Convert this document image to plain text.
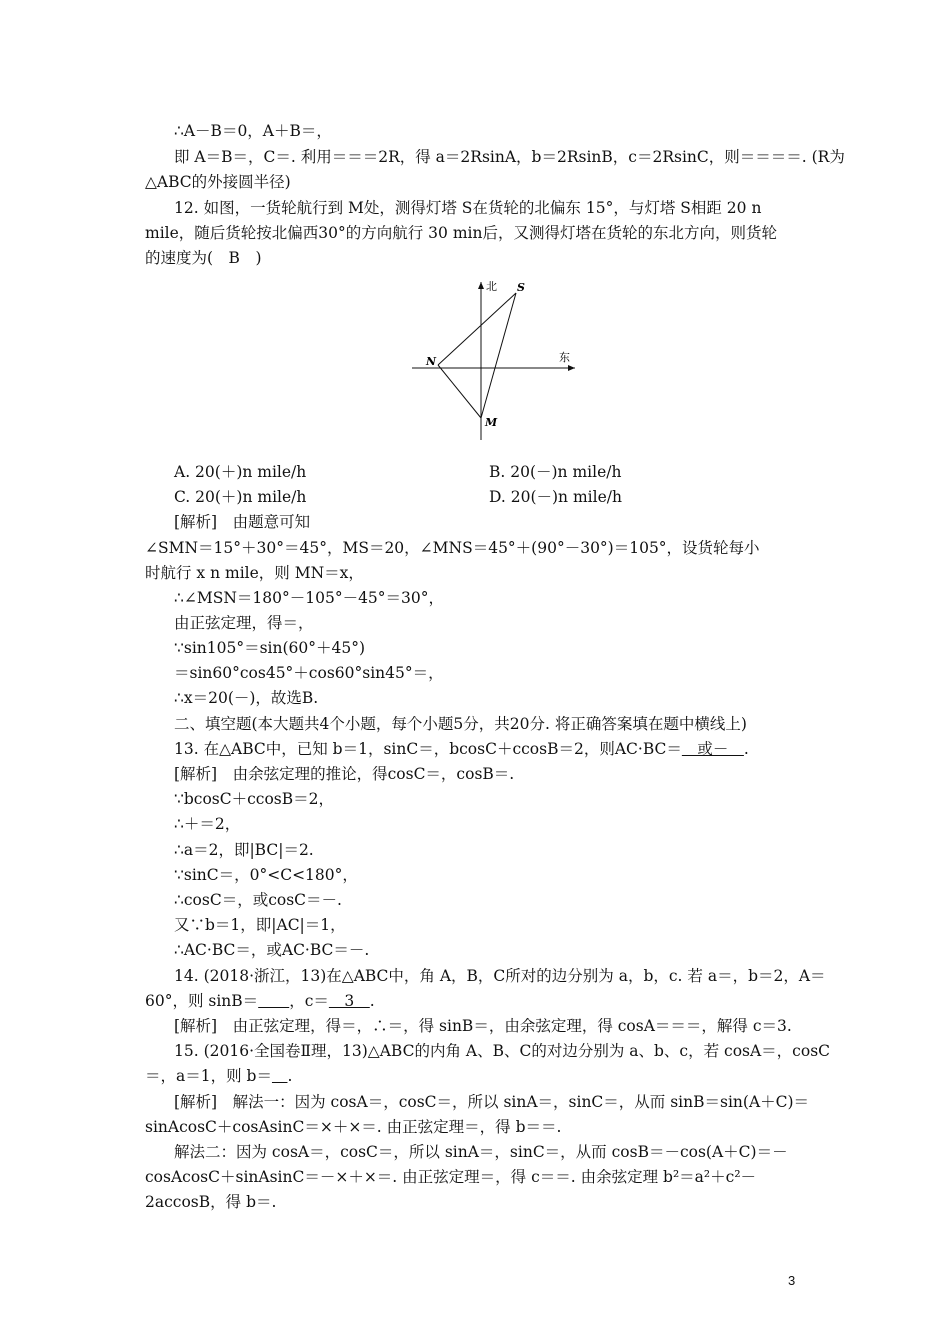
∴A－B＝0，A＋B＝，
即 A＝B＝，C＝. 利用＝＝＝2R，得 a＝2RsinA，b＝2RsinB，c＝2RsinC，则＝＝＝＝. (R为
△ABC的外接圆半径)
12. 如图，一货轮航行到 M处，测得灯塔 S在货轮的北偏东 15°，与灯塔 S相距 20 n
mile，随后货轮按北偏西30°的方向航行 30 min后，又测得灯塔在货轮的东北方向，则货轮
的速度为(　B　)
北 S
N	东
M
A. 20(＋)n mile/h	B. 20(－)n mile/h
C. 20(＋)n mile/h	D. 20(－)n mile/h
[解析]　由题意可知
∠SMN＝15°＋30°＝45°，MS＝20，∠MNS＝45°＋(90°－30°)＝105°，设货轮每小
时航行 x n mile，则 MN＝x，
∴∠MSN＝180°－105°－45°＝30°，
由正弦定理，得＝，
∵sin105°＝sin(60°＋45°)
＝sin60°cos45°＋cos60°sin45°＝，
∴x＝20(－)，故选B.
二、填空题(本大题共4个小题，每个小题5分，共20分. 将正确答案填在题中横线上)
13. 在△ABC中，已知 b＝1，sinC＝，bcosC＋ccosB＝2，则AC·BC＝　或－　.
[解析]　由余弦定理的推论，得cosC＝，cosB＝.
∵bcosC＋ccosB＝2，
∴＋＝2，
∴a＝2，即|BC|＝2.
∵sinC＝，0°<C<180°，
∴cosC＝，或cosC＝－.
又∵b＝1，即|AC|＝1，
∴AC·BC＝，或AC·BC＝－.
14. (2018·浙江，13)在△ABC中，角 A，B，C所对的边分别为 a，b，c. 若 a＝，b＝2，A＝
60°，则 sinB＝　　 ，c＝　3　.
[解析]　由正弦定理，得＝，∴＝，得 sinB＝，由余弦定理，得 cosA＝＝＝，解得 c＝3.
15. (2016·全国卷Ⅱ理，13)△ABC的内角 A、B、C的对边分别为 a、b、c，若 cosA＝，cosC
＝，a＝1，则 b＝　 .
[解析]　解法一：因为 cosA＝，cosC＝，所以 sinA＝，sinC＝，从而 sinB＝sin(A＋C)＝
sinAcosC＋cosAsinC＝×＋×＝. 由正弦定理＝，得 b＝＝.
解法二：因为 cosA＝，cosC＝，所以 sinA＝，sinC＝，从而 cosB＝－cos(A＋C)＝－
cosAcosC＋sinAsinC＝－×＋×＝. 由正弦定理＝，得 c＝＝. 由余弦定理 b²＝a²＋c²－
2accosB，得 b＝.
3
